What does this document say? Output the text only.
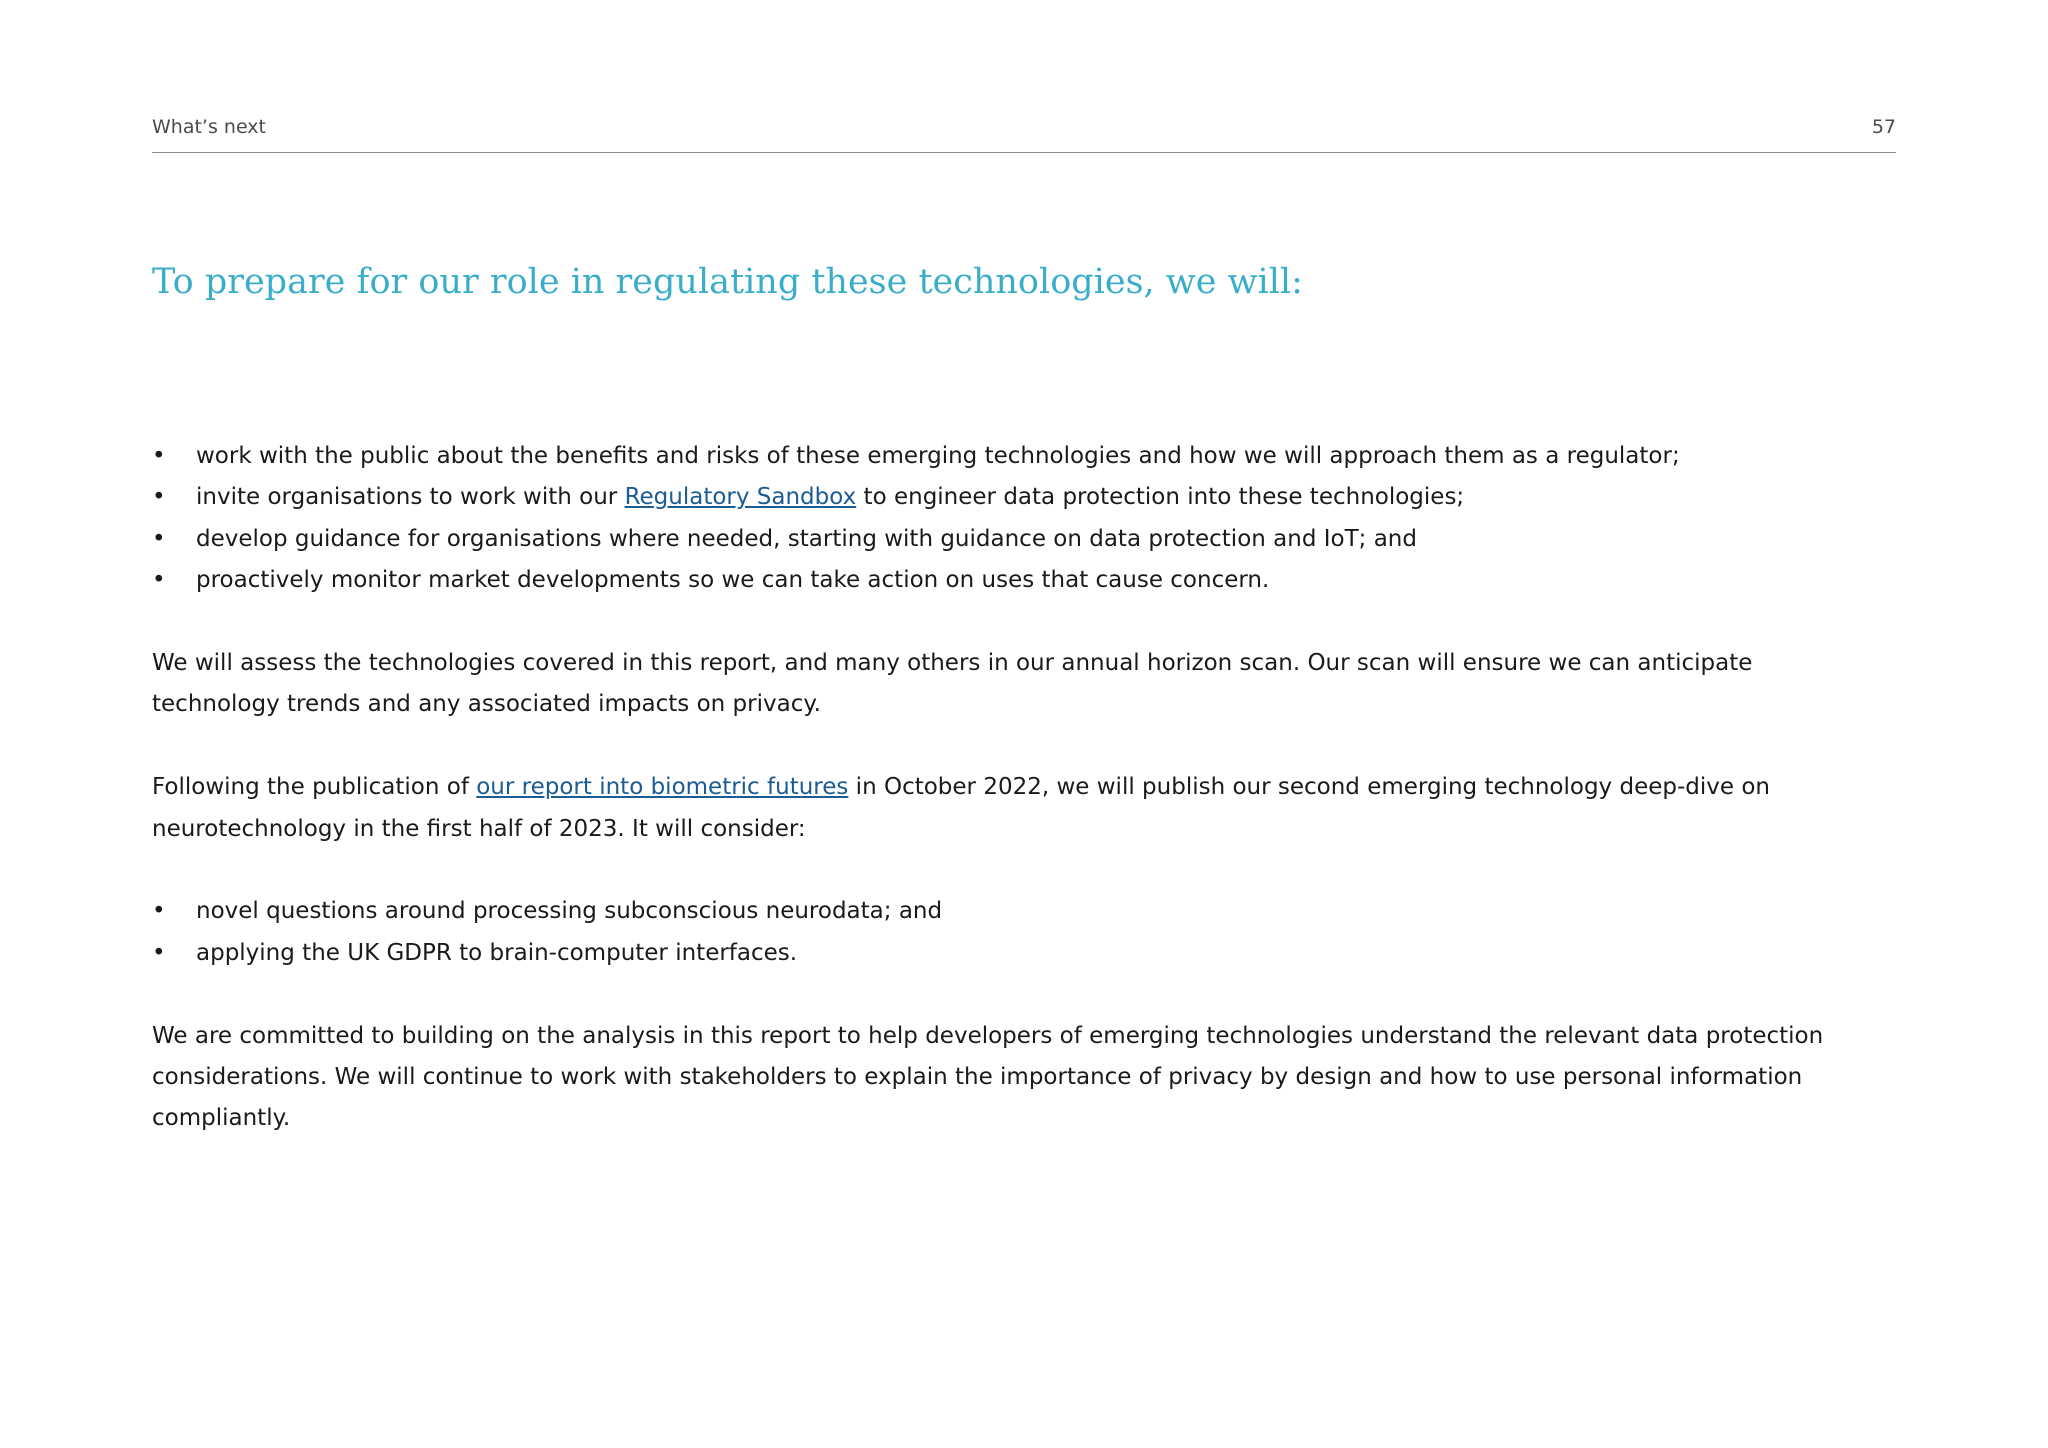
What’s next	57
To prepare for our role in regulating these technologies, we will:
• work with the public about the benefits and risks of these emerging technologies and how we will approach them as a regulator;
• invite organisations to work with our Regulatory Sandbox to engineer data protection into these technologies;
• develop guidance for organisations where needed, starting with guidance on data protection and IoT; and
• proactively monitor market developments so we can take action on uses that cause concern.

We will assess the technologies covered in this report, and many others in our annual horizon scan. Our scan will ensure we can anticipate technology trends and any associated impacts on privacy.

Following the publication of our report into biometric futures in October 2022, we will publish our second emerging technology deep-dive on neurotechnology in the first half of 2023. It will consider:

• novel questions around processing subconscious neurodata; and
• applying the UK GDPR to brain-computer interfaces.

We are committed to building on the analysis in this report to help developers of emerging technologies understand the relevant data protection considerations. We will continue to work with stakeholders to explain the importance of privacy by design and how to use personal information compliantly.
